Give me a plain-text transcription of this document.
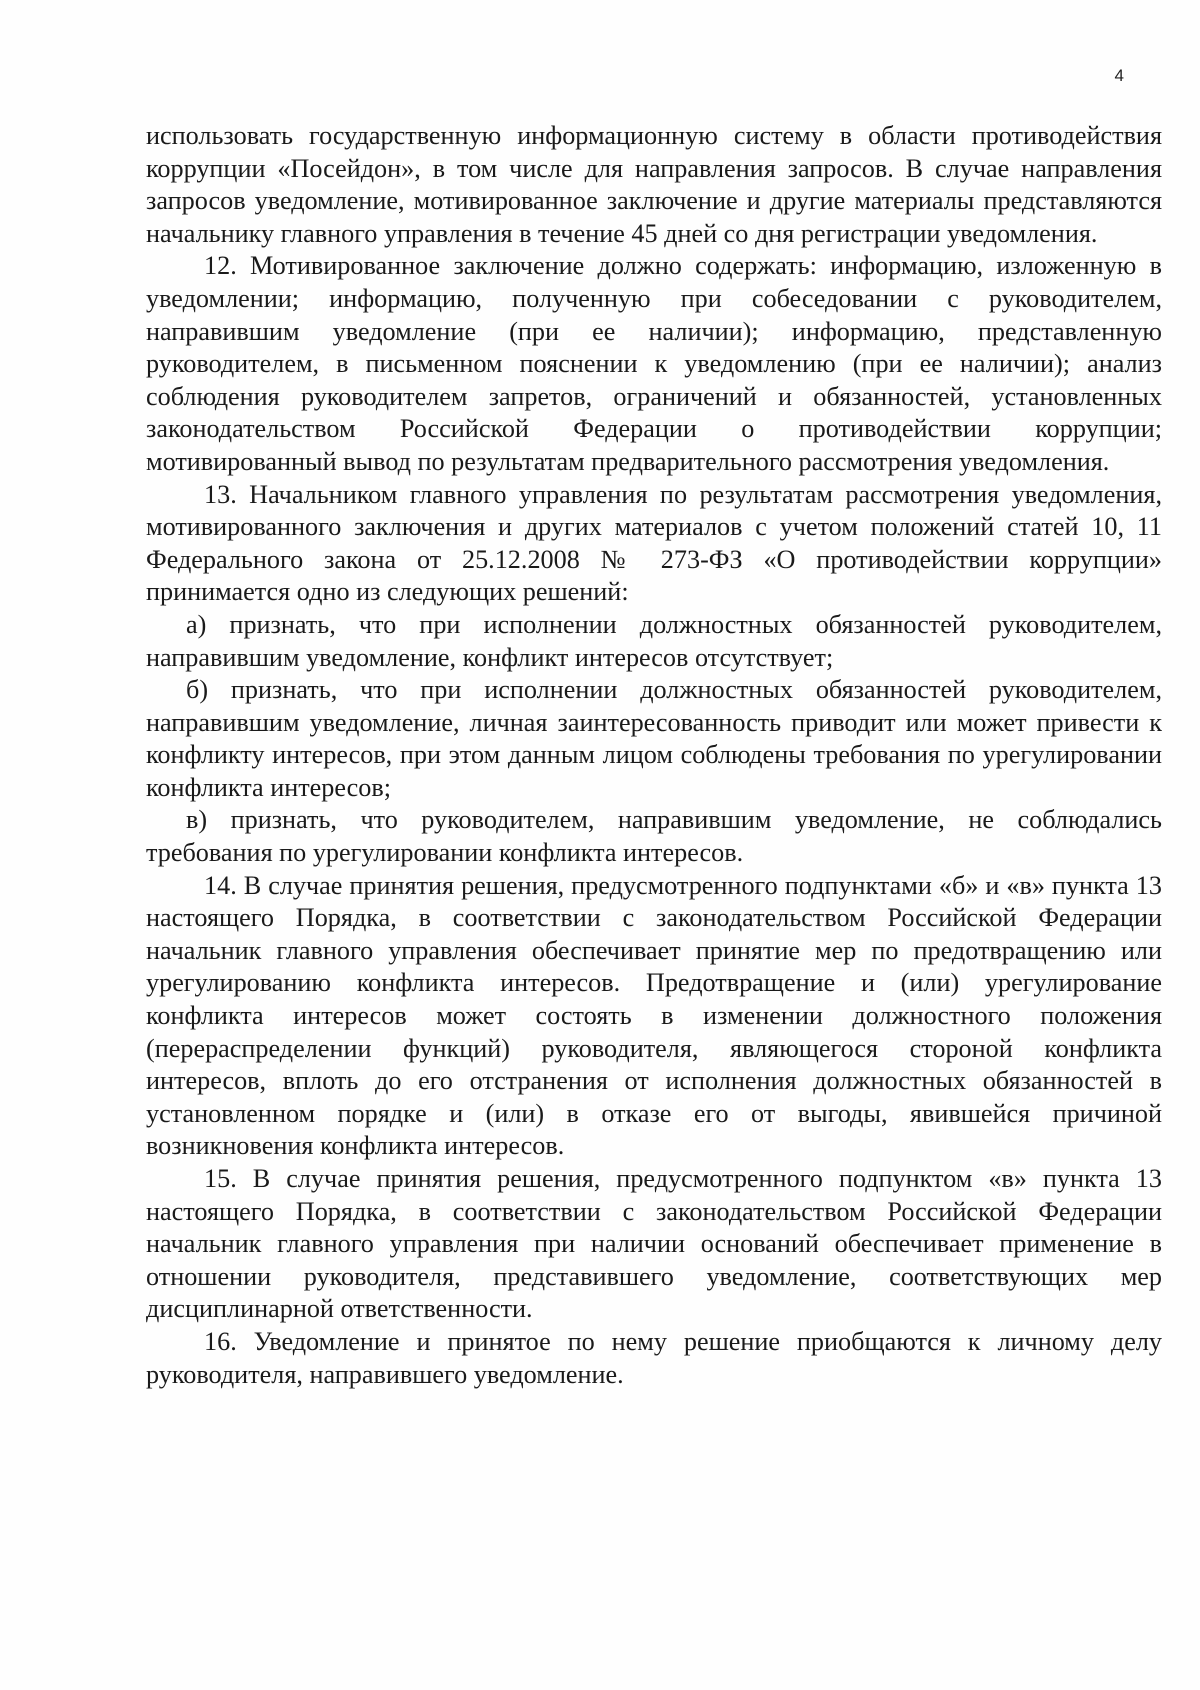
4

использовать государственную информационную систему в области противодействия коррупции «Посейдон», в том числе для направления запросов. В случае направления запросов уведомление, мотивированное заключение и другие материалы представляются начальнику главного управления в течение 45 дней со дня регистрации уведомления.

12. Мотивированное заключение должно содержать: информацию, изложенную в уведомлении; информацию, полученную при собеседовании с руководителем, направившим уведомление (при ее наличии); информацию, представленную руководителем, в письменном пояснении к уведомлению (при ее наличии); анализ соблюдения руководителем запретов, ограничений и обязанностей, установленных законодательством Российской Федерации о противодействии коррупции; мотивированный вывод по результатам предварительного рассмотрения уведомления.

13. Начальником главного управления по результатам рассмотрения уведомления, мотивированного заключения и других материалов с учетом положений статей 10, 11 Федерального закона от 25.12.2008 № 273-ФЗ «О противодействии коррупции» принимается одно из следующих решений:

а) признать, что при исполнении должностных обязанностей руководителем, направившим уведомление, конфликт интересов отсутствует;

б) признать, что при исполнении должностных обязанностей руководителем, направившим уведомление, личная заинтересованность приводит или может привести к конфликту интересов, при этом данным лицом соблюдены требования по урегулировании конфликта интересов;

в) признать, что руководителем, направившим уведомление, не соблюдались требования по урегулировании конфликта интересов.

14. В случае принятия решения, предусмотренного подпунктами «б» и «в» пункта 13 настоящего Порядка, в соответствии с законодательством Российской Федерации начальник главного управления обеспечивает принятие мер по предотвращению или урегулированию конфликта интересов. Предотвращение и (или) урегулирование конфликта интересов может состоять в изменении должностного положения (перераспределении функций) руководителя, являющегося стороной конфликта интересов, вплоть до его отстранения от исполнения должностных обязанностей в установленном порядке и (или) в отказе его от выгоды, явившейся причиной возникновения конфликта интересов.

15. В случае принятия решения, предусмотренного подпунктом «в» пункта 13 настоящего Порядка, в соответствии с законодательством Российской Федерации начальник главного управления при наличии оснований обеспечивает применение в отношении руководителя, представившего уведомление, соответствующих мер дисциплинарной ответственности.

16. Уведомление и принятое по нему решение приобщаются к личному делу руководителя, направившего уведомление.
